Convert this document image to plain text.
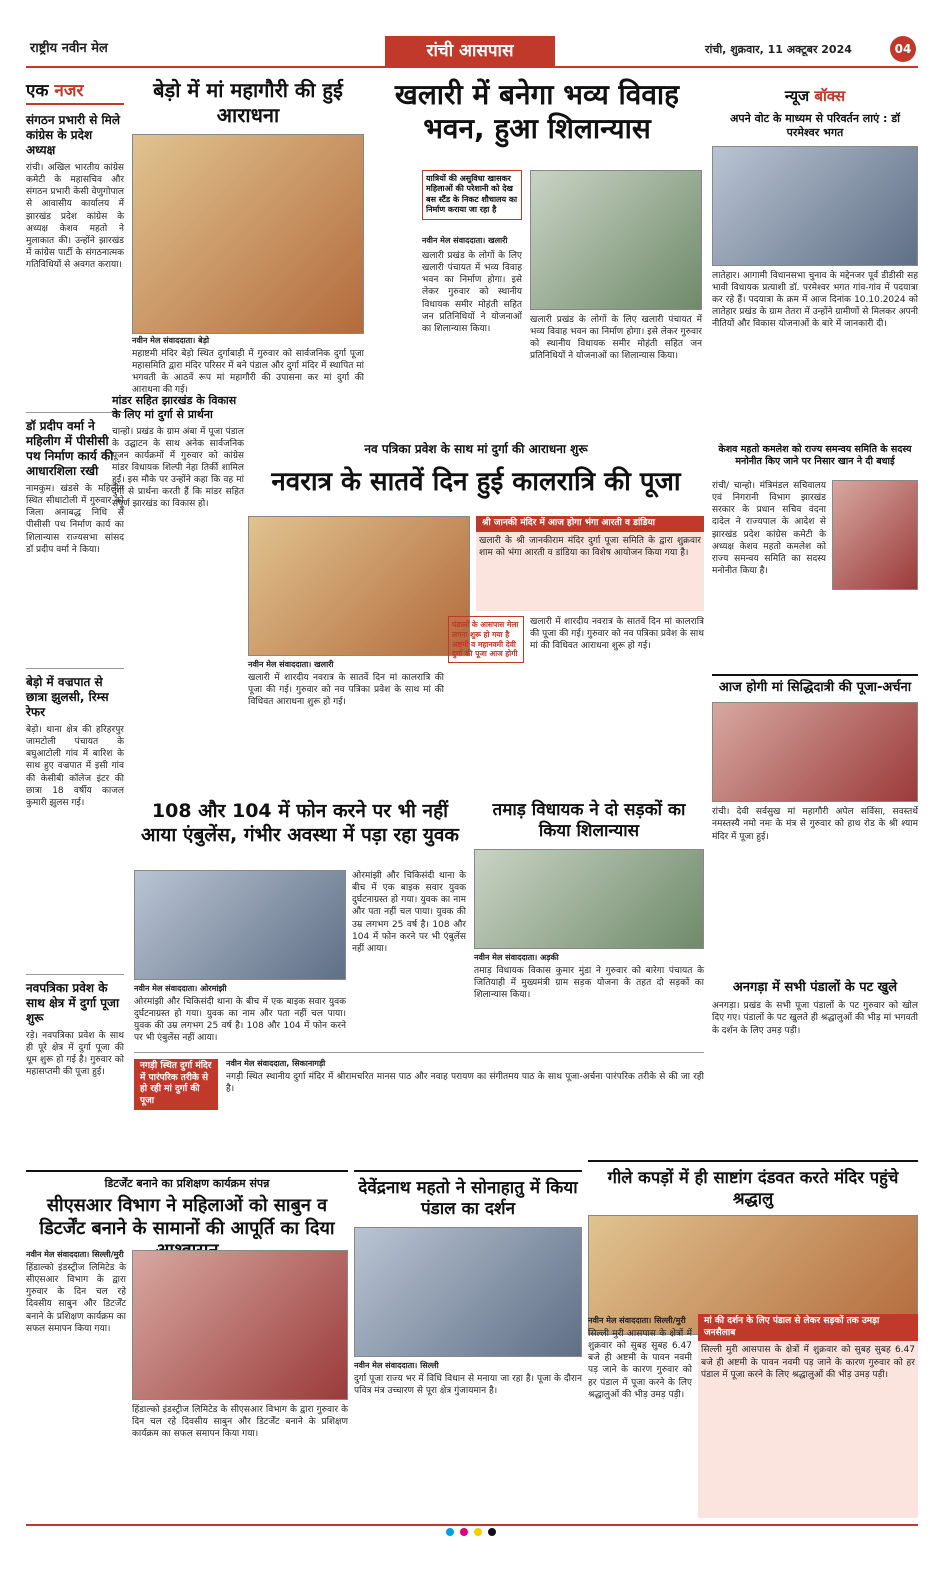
राष्ट्रीय नवीन मेल	रांची आसपास	रांची, शुक्रवार, 11 अक्टूबर 2024	04
एक नजर
संगठन प्रभारी से मिले कांग्रेस के प्रदेश अध्यक्ष
रांची। अखिल भारतीय कांग्रेस कमेटी के महासचिव और संगठन प्रभारी केसी वेणुगोपाल से आवासीय कार्यालय में झारखंड प्रदेश कांग्रेस के अध्यक्ष केशव महतो ने मुलाकात की। उन्होंने झारखंड में कांग्रेस पार्टी के संगठनात्मक गतिविधियों से अवगत कराया।
डॉ प्रदीप वर्मा ने महिलीग में पीसीसी पथ निर्माण कार्य की आधारशिला रखी
नामकुम। खंडसे के महिलीग स्थित सीधाटोली में गुरुवार को जिला अनाबद्ध निधि से पीसीसी पथ निर्माण कार्य का शिलान्यास राज्यसभा सांसद डॉ प्रदीप वर्मा ने किया।
बेड़ो में वज्रपात से छात्रा झुलसी, रिम्स रेफर
बेड़ो। थाना क्षेत्र की हरिहरपुर जामटोली पंचायत के बघुआटोली गांव में बारिश के साथ हुए वज्रपात में इसी गांव की केसीबी कॉलेज इंटर की छात्रा 18 वर्षीय काजल कुमारी झुलस गई।
नवपत्रिका प्रवेश के साथ क्षेत्र में दुर्गा पूजा शुरू
रड़े। नवपत्रिका प्रवेश के साथ ही पूरे क्षेत्र में दुर्गा पूजा की धूम शुरू हो गई है। गुरुवार को महासप्तमी की पूजा हुई।
बेड़ो में मां महागौरी की हुई आराधना
नवीन मेल संवाददाता। बेड़ो
महाष्टमी मंदिर बेड़ो स्थित दुर्गाबाड़ी में गुरुवार को सार्वजनिक दुर्गा पूजा महासमिति द्वारा मंदिर परिसर में बने पंडाल और दुर्गा मंदिर में स्थापित मां भगवती के आठवें रूप मां महागौरी की उपासना कर मां दुर्गा की आराधना की गई।
खलारी में बनेगा भव्य विवाह भवन, हुआ शिलान्यास
यात्रियों की असुविधा खासकर महिलाओं की परेशानी को देख बस स्टैंड के निकट शौचालय का निर्माण कराया जा रहा है
नवीन मेल संवाददाता। खलारी
खलारी प्रखंड के लोगों के लिए खलारी पंचायत में भव्य विवाह भवन का निर्माण होगा। इसे लेकर गुरुवार को स्थानीय विधायक समीर मोहंती सहित जन प्रतिनिधियों ने योजनाओं का शिलान्यास किया।
खलारी प्रखंड के लोगों के लिए खलारी पंचायत में भव्य विवाह भवन का निर्माण होगा। इसे लेकर गुरुवार को स्थानीय विधायक समीर मोहंती सहित जन प्रतिनिधियों ने योजनाओं का शिलान्यास किया।
न्यूज बॉक्स
अपने वोट के माध्यम से परिवर्तन लाएं : डॉ परमेश्वर भगत
लातेहार। आगामी विधानसभा चुनाव के मद्देनजर पूर्व डीडीसी सह भावी विधायक प्रत्याशी डॉ. परमेश्वर भगत गांव-गांव में पदयात्रा कर रहे हैं। पदयात्रा के क्रम में आज दिनांक 10.10.2024 को लातेहार प्रखंड के ग्राम तेतरा में उन्होंने ग्रामीणों से मिलकर अपनी नीतियों और विकास योजनाओं के बारे में जानकारी दी।
केशव महतो कमलेश को राज्य समन्वय समिति के सदस्य मनोनीत किए जाने पर निसार खान ने दी बधाई
रांची/ चान्हो। मंत्रिमंडल सचिवालय एवं निगरानी विभाग झारखंड सरकार के प्रधान सचिव वंदना दादेल ने राज्यपाल के आदेश से झारखंड प्रदेश कांग्रेस कमेटी के अध्यक्ष केशव महतो कमलेश को राज्य समन्वय समिति का सदस्य मनोनीत किया है।
मांडर सहित झारखंड के विकास के लिए मां दुर्गा से प्रार्थना
चान्हो। प्रखंड के ग्राम अंबा में पूजा पंडाल के उद्घाटन के साथ अनेक सार्वजनिक पूजन कार्यक्रमों में गुरुवार को कांग्रेस मांडर विधायक शिल्पी नेहा तिर्की शामिल हुईं। इस मौके पर उन्होंने कहा कि वह मां दुर्गा से प्रार्थना करती हैं कि मांडर सहित संपूर्ण झारखंड का विकास हो।
नव पत्रिका प्रवेश के साथ मां दुर्गा की आराधना शुरू
नवरात्र के सातवें दिन हुई कालरात्रि की पूजा
श्री जानकी मंदिर में आज होगा भंगा आरती व डांडिया
खलारी के श्री जानकीराम मंदिर दुर्गा पूजा समिति के द्वारा शुक्रवार शाम को भंगा आरती व डांडिया का विशेष आयोजन किया गया है।
पंडालों के आसपास मेला लगना शुरू हो गया है अष्टमी व महानवमी देवी दुर्गा की पूजा आज होगी
नवीन मेल संवाददाता। खलारी
खलारी में शारदीय नवरात्र के सातवें दिन मां कालरात्रि की पूजा की गई। गुरुवार को नव पत्रिका प्रवेश के साथ मां की विधिवत आराधना शुरू हो गई।
खलारी में शारदीय नवरात्र के सातवें दिन मां कालरात्रि की पूजा की गई। गुरुवार को नव पत्रिका प्रवेश के साथ मां की विधिवत आराधना शुरू हो गई।
आज होगी मां सिद्धिदात्री की पूजा-अर्चना
रांची। देवी सर्वसुख मां महागौरी अपेल सर्विसा, सवस्तर्थे नमस्तस्यै नमो नमः के मंत्र से गुरुवार को हाथ रोड के श्री श्याम मंदिर में पूजा हुई।
अनगड़ा में सभी पंडालों के पट खुले
अनगड़ा। प्रखंड के सभी पूजा पंडालों के पट गुरुवार को खोल दिए गए। पंडालों के पट खुलते ही श्रद्धालुओं की भीड़ मां भगवती के दर्शन के लिए उमड़ पड़ी।
108 और 104 में फोन करने पर भी नहीं आया एंबुलेंस, गंभीर अवस्था में पड़ा रहा युवक
नवीन मेल संवाददाता। ओरमांझी
ओरमांझी और चिकिसंदी थाना के बीच में एक बाइक सवार युवक दुर्घटनाग्रस्त हो गया। युवक का नाम और पता नहीं चल पाया। युवक की उम्र लगभग 25 वर्ष है। 108 और 104 में फोन करने पर भी एंबुलेंस नहीं आया।
ओरमांझी और चिकिसंदी थाना के बीच में एक बाइक सवार युवक दुर्घटनाग्रस्त हो गया। युवक का नाम और पता नहीं चल पाया। युवक की उम्र लगभग 25 वर्ष है। 108 और 104 में फोन करने पर भी एंबुलेंस नहीं आया।
तमाड़ विधायक ने दो सड़कों का किया शिलान्यास
नवीन मेल संवाददाता। अड़की
तमाड़ विधायक विकास कुमार मुंडा ने गुरुवार को बारेगा पंचायत के जितियाही में मुख्यमंत्री ग्राम सड़क योजना के तहत दो सड़कों का शिलान्यास किया।
नगड़ी स्थित दुर्गा मंदिर में पारंपरिक तरीके से हो रही मां दुर्गा की पूजा
नवीन मेल संवाददाता, सिकानागड़ी
नगड़ी स्थित स्थानीय दुर्गा मंदिर में श्रीरामचरित मानस पाठ और नवाह परायण का संगीतमय पाठ के साथ पूजा-अर्चना पारंपरिक तरीके से की जा रही है।
डिटर्जेंट बनाने का प्रशिक्षण कार्यक्रम संपन्न
सीएसआर विभाग ने महिलाओं को साबुन व डिटर्जेंट बनाने के सामानों की आपूर्ति का दिया
नवीन मेल संवाददाता। सिल्ली/मुरी
हिंडाल्को इंडस्ट्रीज लिमिटेड के सीएसआर विभाग के द्वारा गुरुवार के दिन चल रहे दिवसीय साबुन और डिटर्जेंट बनाने के प्रशिक्षण कार्यक्रम का सफल समापन किया गया।
हिंडाल्को इंडस्ट्रीज लिमिटेड के सीएसआर विभाग के द्वारा गुरुवार के दिन चल रहे दिवसीय साबुन और डिटर्जेंट बनाने के प्रशिक्षण कार्यक्रम का सफल समापन किया गया।
देवेंद्रनाथ महतो ने सोनाहातु में किया पंडाल का दर्शन
नवीन मेल संवाददाता। सिल्ली
दुर्गा पूजा राज्य भर में विधि विधान से मनाया जा रहा है। पूजा के दौरान पवित्र मंत्र उच्चारण से पूरा क्षेत्र गुंजायमान है।
गीले कपड़ों में ही साष्टांग दंडवत करते मंदिर पहुंचे श्रद्धालु
नवीन मेल संवाददाता। सिल्ली/मुरी
सिल्ली मुरी आसपास के क्षेत्रों में शुक्रवार को सुबह सुबह 6.47 बजे ही अष्टमी के पावन नवमी पड़ जाने के कारण गुरुवार को हर पंडाल में पूजा करने के लिए श्रद्धालुओं की भीड़ उमड़ पड़ी।
मां की दर्शन के लिए पंडाल से लेकर सड़कों तक उमड़ा जनसैलाब
सिल्ली मुरी आसपास के क्षेत्रों में शुक्रवार को सुबह सुबह 6.47 बजे ही अष्टमी के पावन नवमी पड़ जाने के कारण गुरुवार को हर पंडाल में पूजा करने के लिए श्रद्धालुओं की भीड़ उमड़ पड़ी।
